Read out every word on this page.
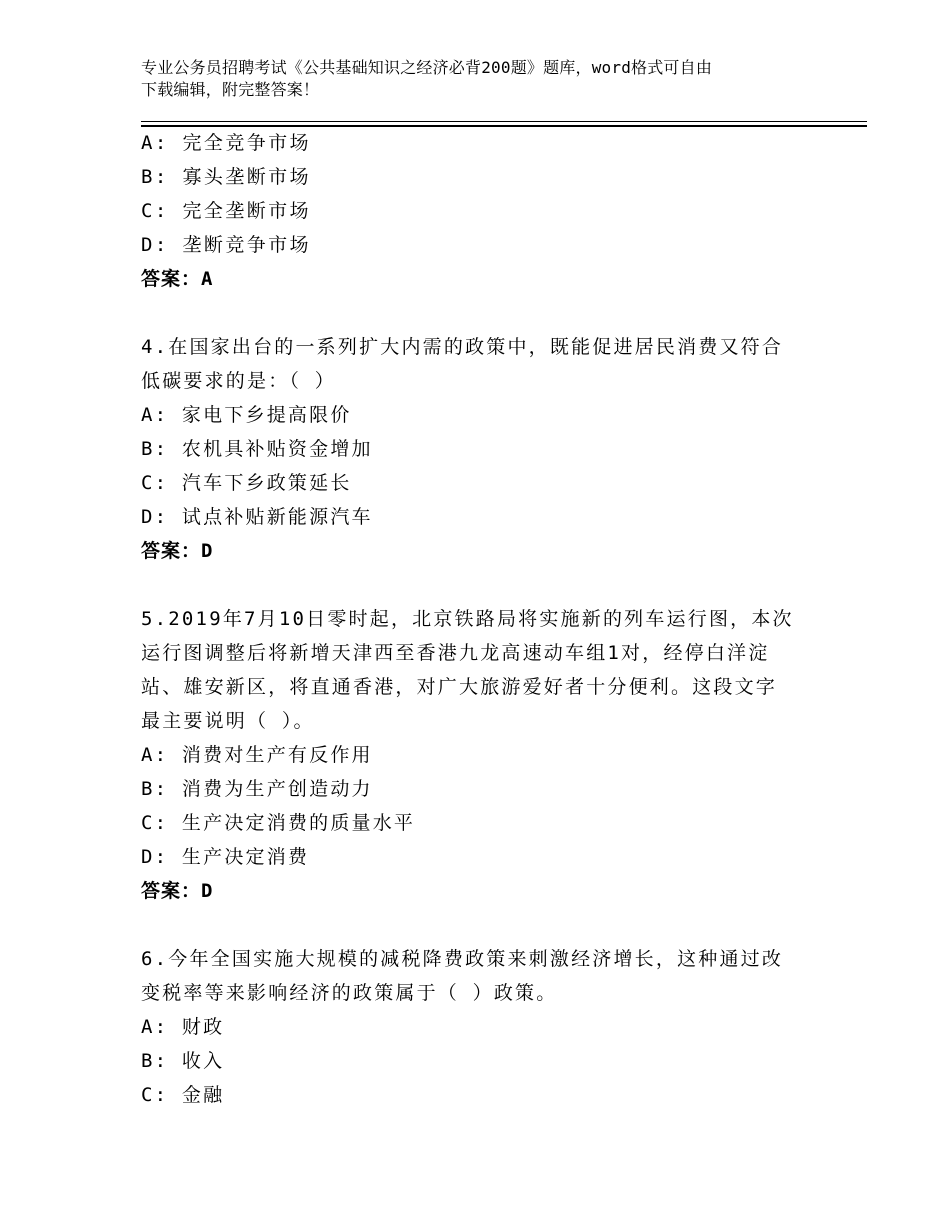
专业公务员招聘考试《公共基础知识之经济必背200题》题库，word格式可自由
下载编辑，附完整答案！
A: 完全竞争市场
B: 寡头垄断市场
C: 完全垄断市场
D: 垄断竞争市场
答案：A
4.在国家出台的一系列扩大内需的政策中，既能促进居民消费又符合
低碳要求的是：（ ）
A: 家电下乡提高限价
B: 农机具补贴资金增加
C: 汽车下乡政策延长
D: 试点补贴新能源汽车
答案：D
5.2019年7月10日零时起，北京铁路局将实施新的列车运行图，本次
运行图调整后将新增天津西至香港九龙高速动车组1对，经停白洋淀
站、雄安新区，将直通香港，对广大旅游爱好者十分便利。这段文字
最主要说明（ ）。
A: 消费对生产有反作用
B: 消费为生产创造动力
C: 生产决定消费的质量水平
D: 生产决定消费
答案：D
6.今年全国实施大规模的减税降费政策来刺激经济增长，这种通过改
变税率等来影响经济的政策属于（ ）政策。
A: 财政
B: 收入
C: 金融
